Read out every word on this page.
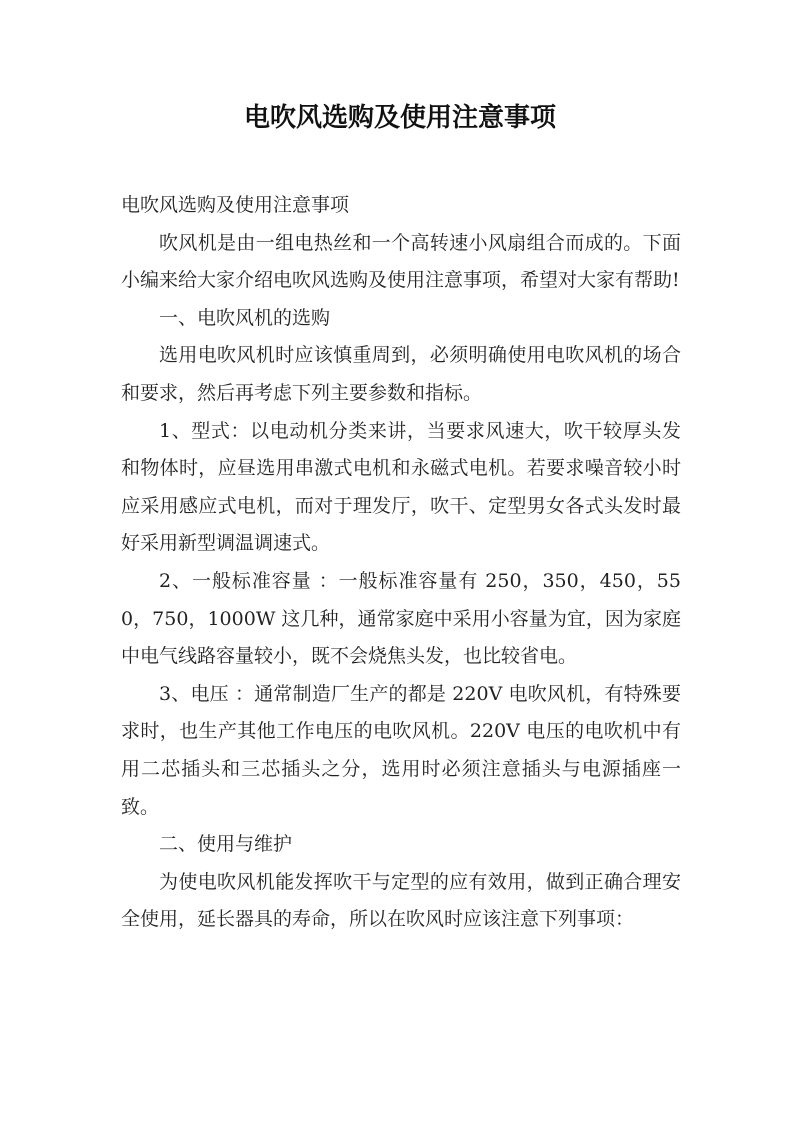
电吹风选购及使用注意事项

电吹风选购及使用注意事项

吹风机是由一组电热丝和一个高转速小风扇组合而成的。下面小编来给大家介绍电吹风选购及使用注意事项，希望对大家有帮助!

一、电吹风机的选购

选用电吹风机时应该慎重周到，必须明确使用电吹风机的场合和要求，然后再考虑下列主要参数和指标。

1、型式：以电动机分类来讲，当要求风速大，吹干较厚头发和物体时，应昼选用串激式电机和永磁式电机。若要求噪音较小时应采用感应式电机，而对于理发厅，吹干、定型男女各式头发时最好采用新型调温调速式。

2、一般标准容量 ：一般标准容量有 250，350，450，550，750，1000W 这几种，通常家庭中采用小容量为宜，因为家庭中电气线路容量较小，既不会烧焦头发，也比较省电。

3、电压 ：通常制造厂生产的都是 220V 电吹风机，有特殊要求时，也生产其他工作电压的电吹风机。220V 电压的电吹机中有用二芯插头和三芯插头之分，选用时必须注意插头与电源插座一致。

二、使用与维护

为使电吹风机能发挥吹干与定型的应有效用，做到正确合理安全使用，延长器具的寿命，所以在吹风时应该注意下列事项：
